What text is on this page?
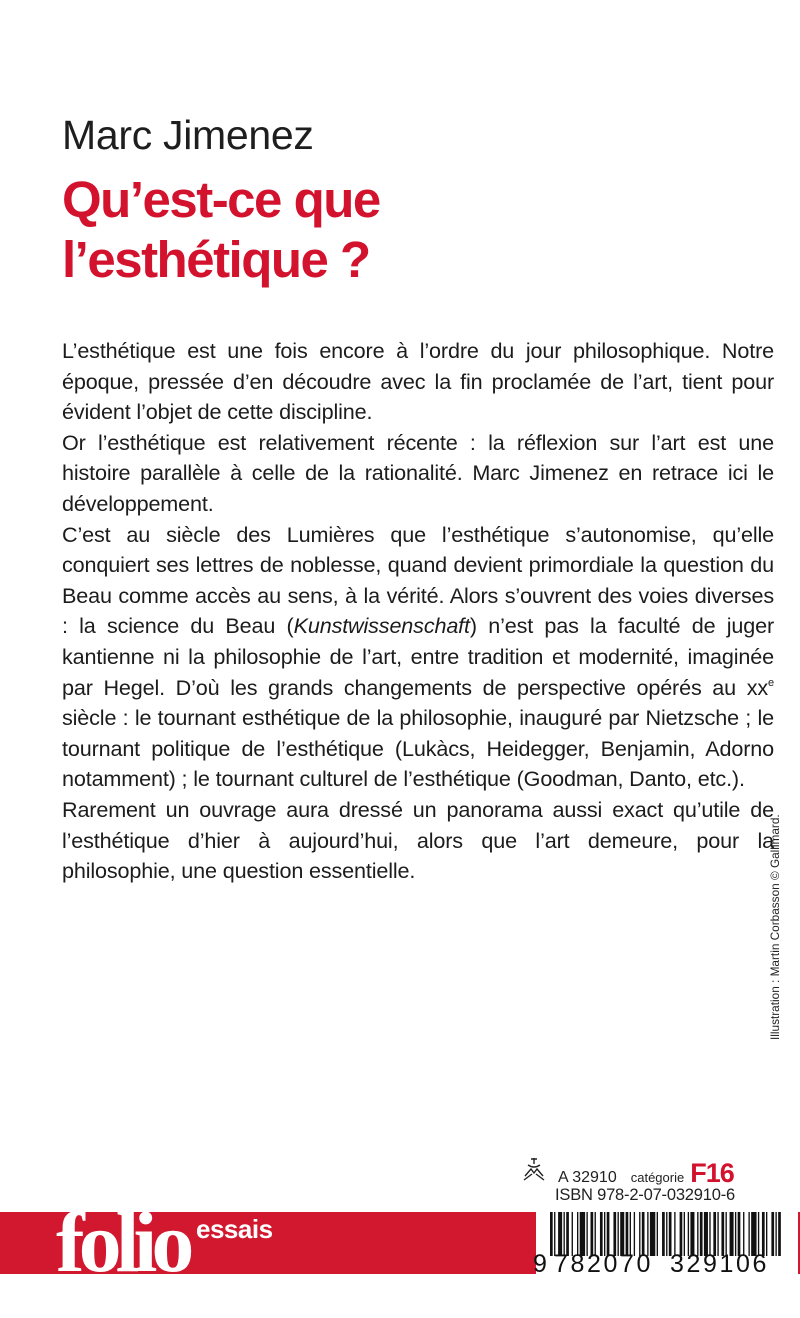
Marc Jimenez
Qu’est-ce que
l’esthétique ?

L’esthétique est une fois encore à l’ordre du jour philosophique. Notre époque, pressée d’en découdre avec la fin proclamée de l’art, tient pour évident l’objet de cette discipline.

Or l’esthétique est relativement récente : la réflexion sur l’art est une histoire parallèle à celle de la rationalité. Marc Jimenez en retrace ici le développement.

C’est au siècle des Lumières que l’esthétique s’autonomise, qu’elle conquiert ses lettres de noblesse, quand devient primordiale la question du Beau comme accès au sens, à la vérité. Alors s’ouvrent des voies diverses : la science du Beau (Kunstwissenschaft) n’est pas la faculté de juger kantienne ni la philosophie de l’art, entre tradition et modernité, imaginée par Hegel. D’où les grands changements de perspective opérés au $xx^e$ siècle : le tournant esthétique de la philosophie, inauguré par Nietzsche ; le tournant politique de l’esthétique (Lukàcs, Heidegger, Benjamin, Adorno notamment) ; le tournant culturel de l’esthétique (Goodman, Danto, etc.).

Rarement un ouvrage aura dressé un panorama aussi exact qu’utile de l’esthétique d’hier à aujourd’hui, alors que l’art demeure, pour la philosophie, une question essentielle.	Illustration : Martin Corbasson © Gallimard.
A 32910 catégorie F16
ISBN 978-2-07-032910-6
folio essais
9 782070 329106
